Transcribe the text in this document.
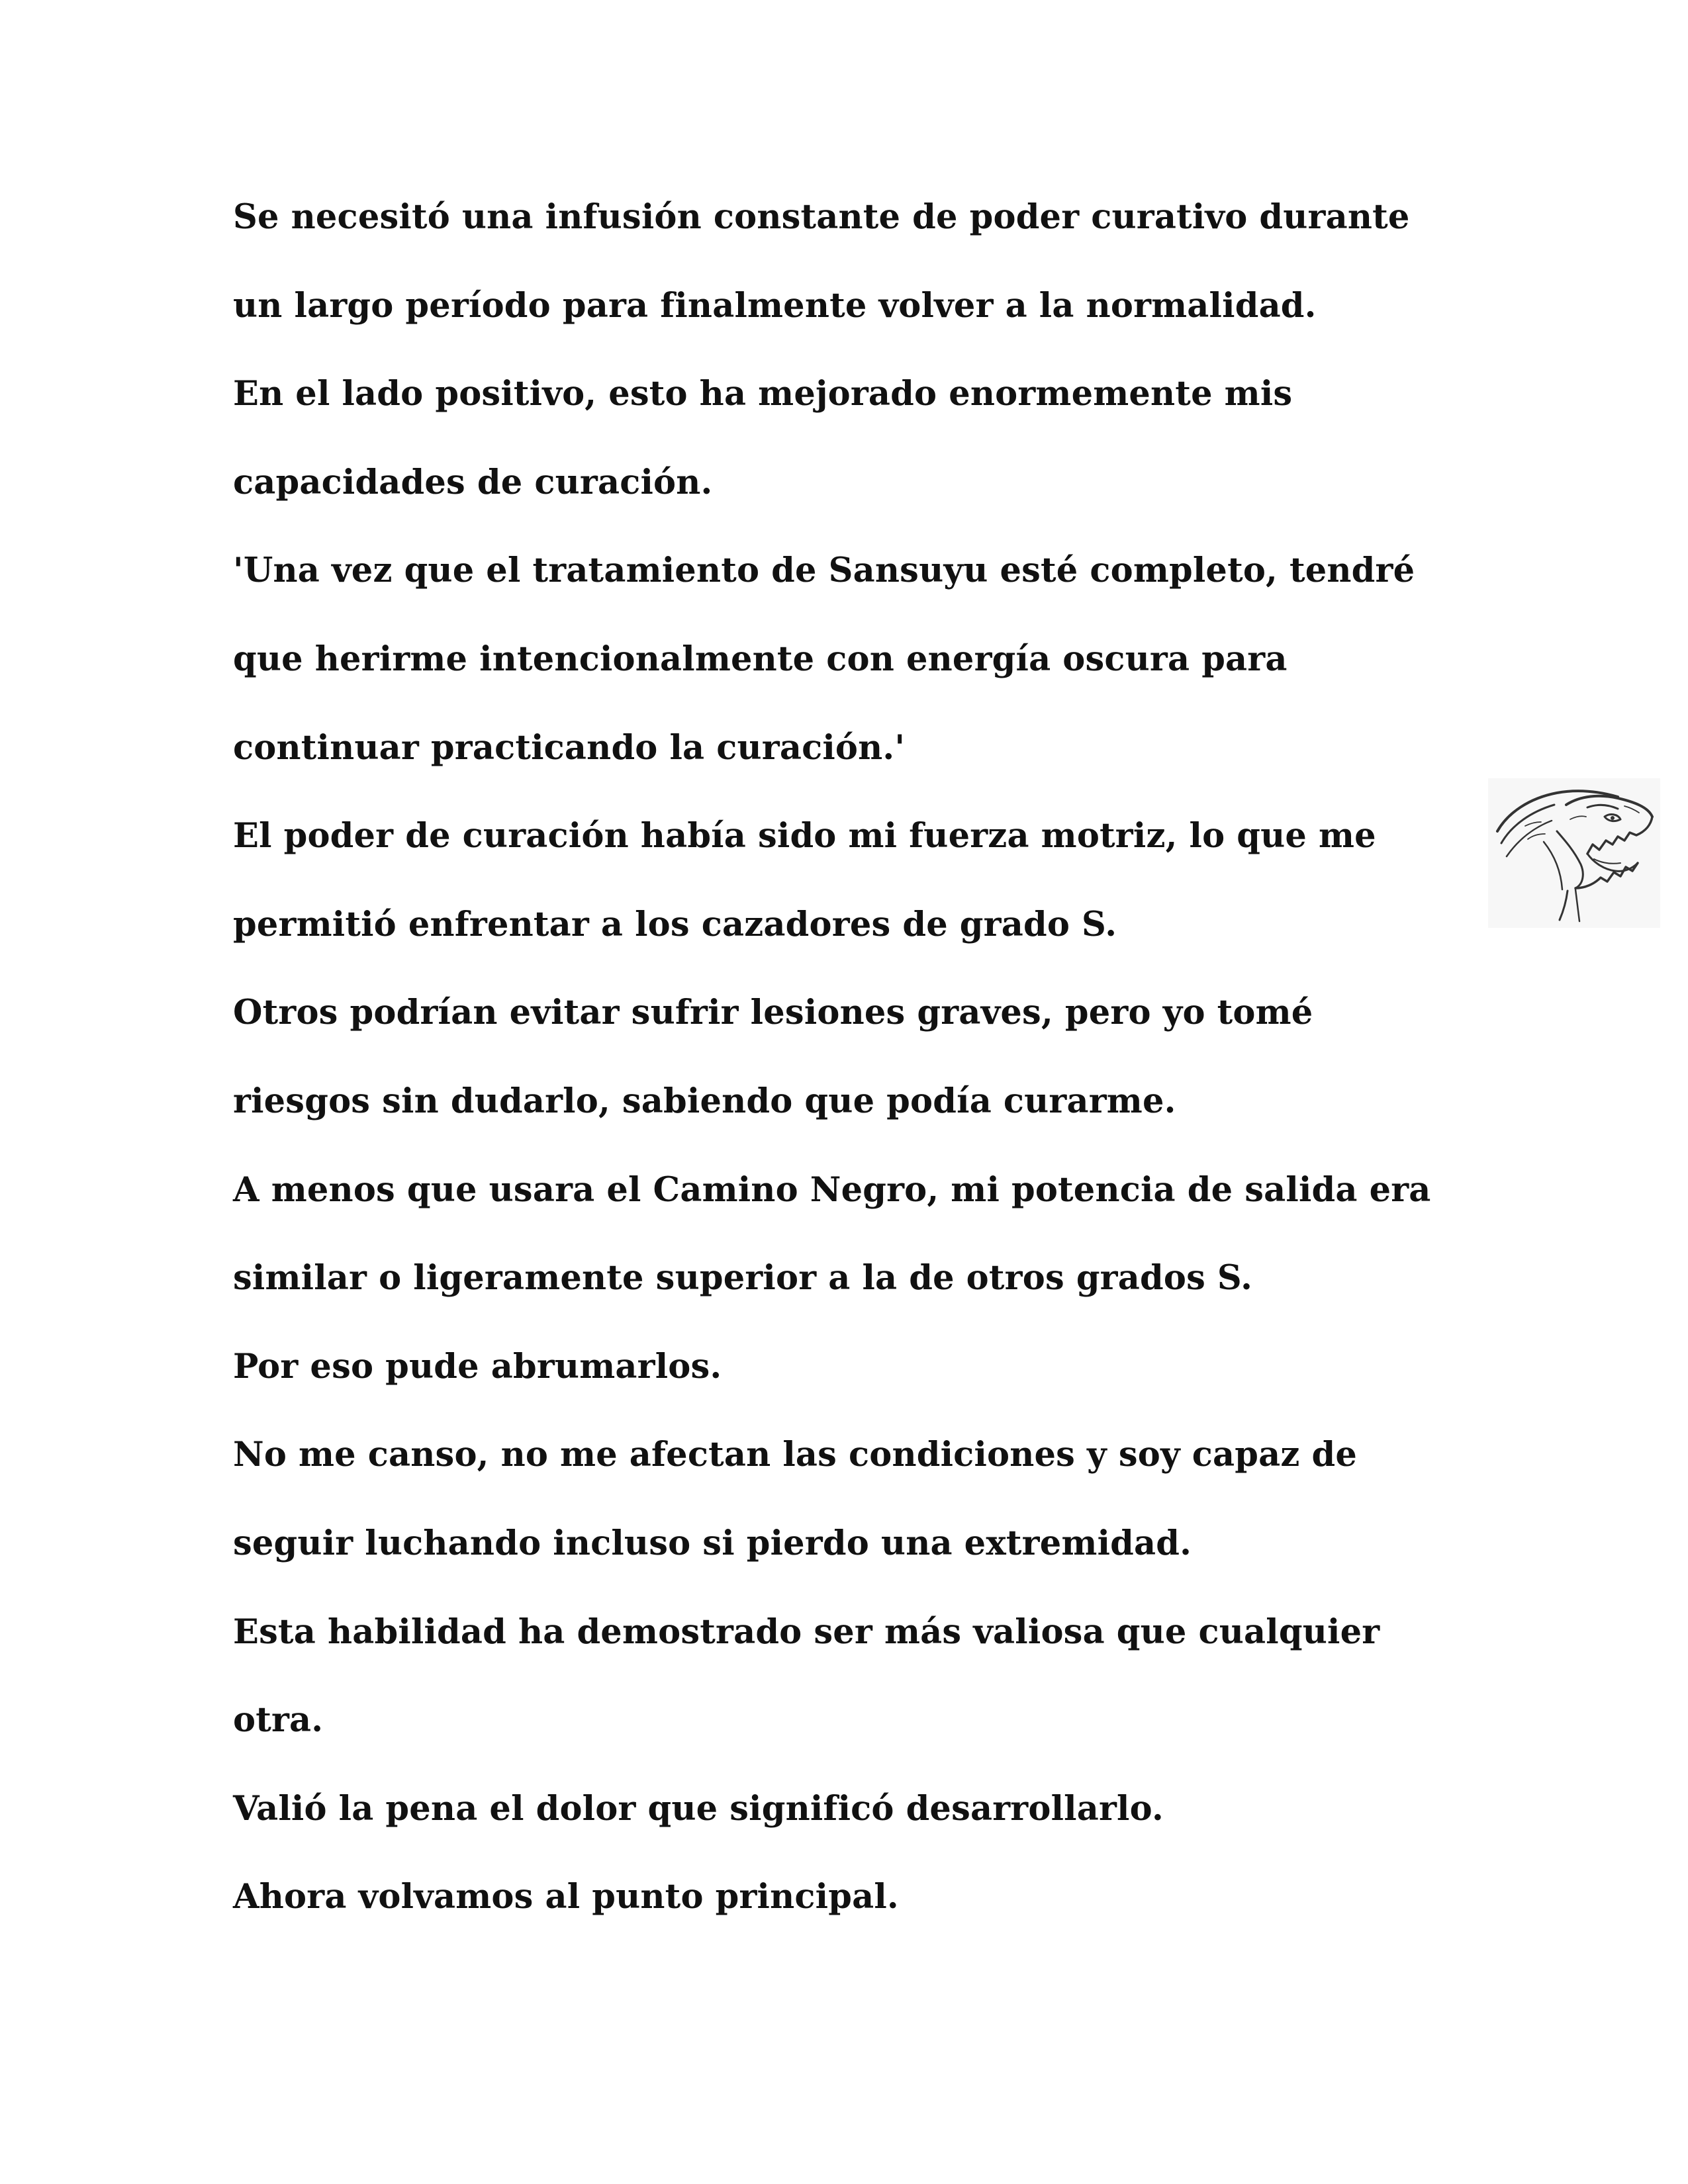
Se necesitó una infusión constante de poder curativo durante
un largo período para finalmente volver a la normalidad.
En el lado positivo, esto ha mejorado enormemente mis
capacidades de curación.
'Una vez que el tratamiento de Sansuyu esté completo, tendré
que herirme intencionalmente con energía oscura para
continuar practicando la curación.'
El poder de curación había sido mi fuerza motriz, lo que me
permitió enfrentar a los cazadores de grado S.
Otros podrían evitar sufrir lesiones graves, pero yo tomé
riesgos sin dudarlo, sabiendo que podía curarme.
A menos que usara el Camino Negro, mi potencia de salida era
similar o ligeramente superior a la de otros grados S.
Por eso pude abrumarlos.
No me canso, no me afectan las condiciones y soy capaz de
seguir luchando incluso si pierdo una extremidad.
Esta habilidad ha demostrado ser más valiosa que cualquier
otra.
Valió la pena el dolor que significó desarrollarlo.
Ahora volvamos al punto principal.
